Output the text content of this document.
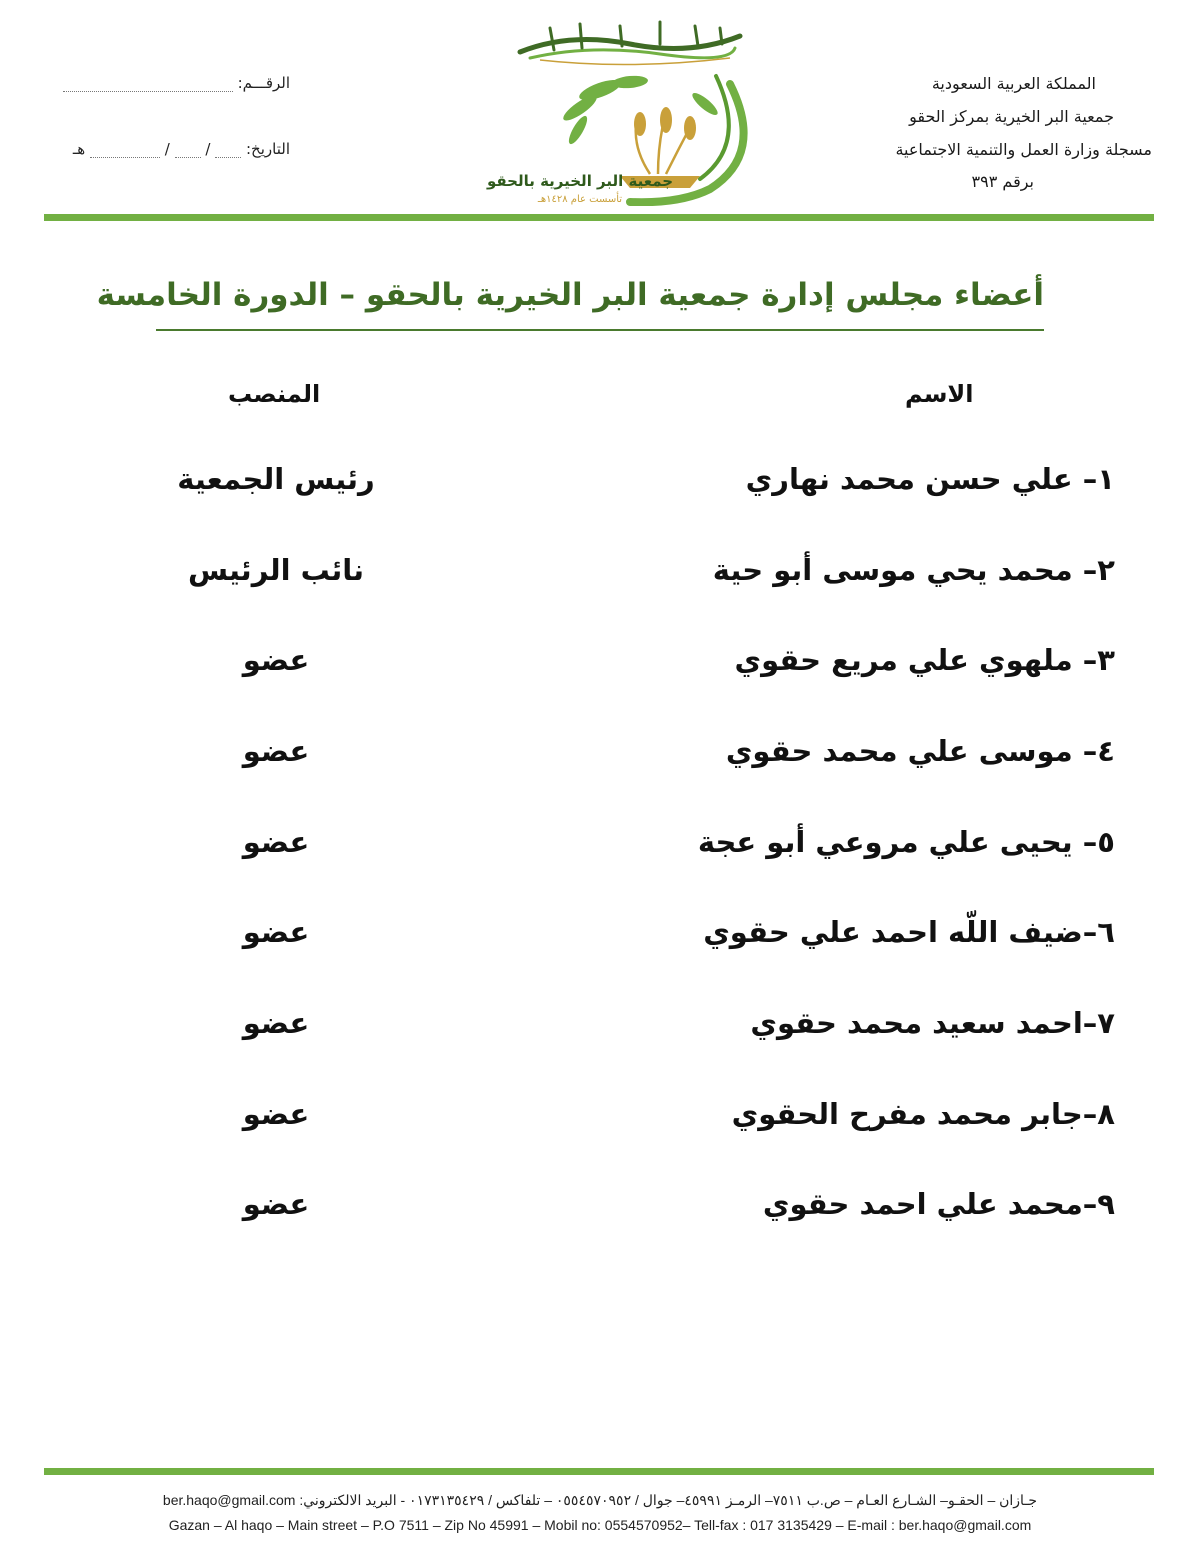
المملكة العربية السعودية
جمعية البر الخيرية بمركز الحقو
مسجلة وزارة العمل والتنمية الاجتماعية
برقم ٣٩٣
الرقـــم:
التاريخ:  /  /  هـ
جمعية البر الخيرية بالحقو
تأسست عام ١٤٢٨هـ
أعضاء مجلس إدارة جمعية البر الخيرية بالحقو – الدورة الخامسة
الاسم
المنصب
١– علي حسن محمد نهاري
رئيس الجمعية
٢– محمد يحي موسى أبو حية
نائب الرئيس
٣– ملهوي علي مريع حقوي
عضو
٤– موسى علي محمد حقوي
عضو
٥– يحيى علي مروعي أبو عجة
عضو
٦–ضيف اللّه احمد علي حقوي
عضو
٧–احمد سعيد محمد حقوي
عضو
٨–جابر محمد مفرح الحقوي
عضو
٩–محمد علي احمد حقوي
عضو
جـازان – الحقـو– الشـارع العـام – ص.ب ٧٥١١– الرمـز ٤٥٩٩١– جوال / ٠٥٥٤٥٧٠٩٥٢ – تلفاكس / ٠١٧٣١٣٥٤٢٩ - البريد الالكتروني: ber.haqo@gmail.com
Gazan – Al haqo – Main street – P.O 7511 – Zip No 45991 – Mobil no: 0554570952– Tell-fax : 017 3135429 – E-mail : ber.haqo@gmail.com
